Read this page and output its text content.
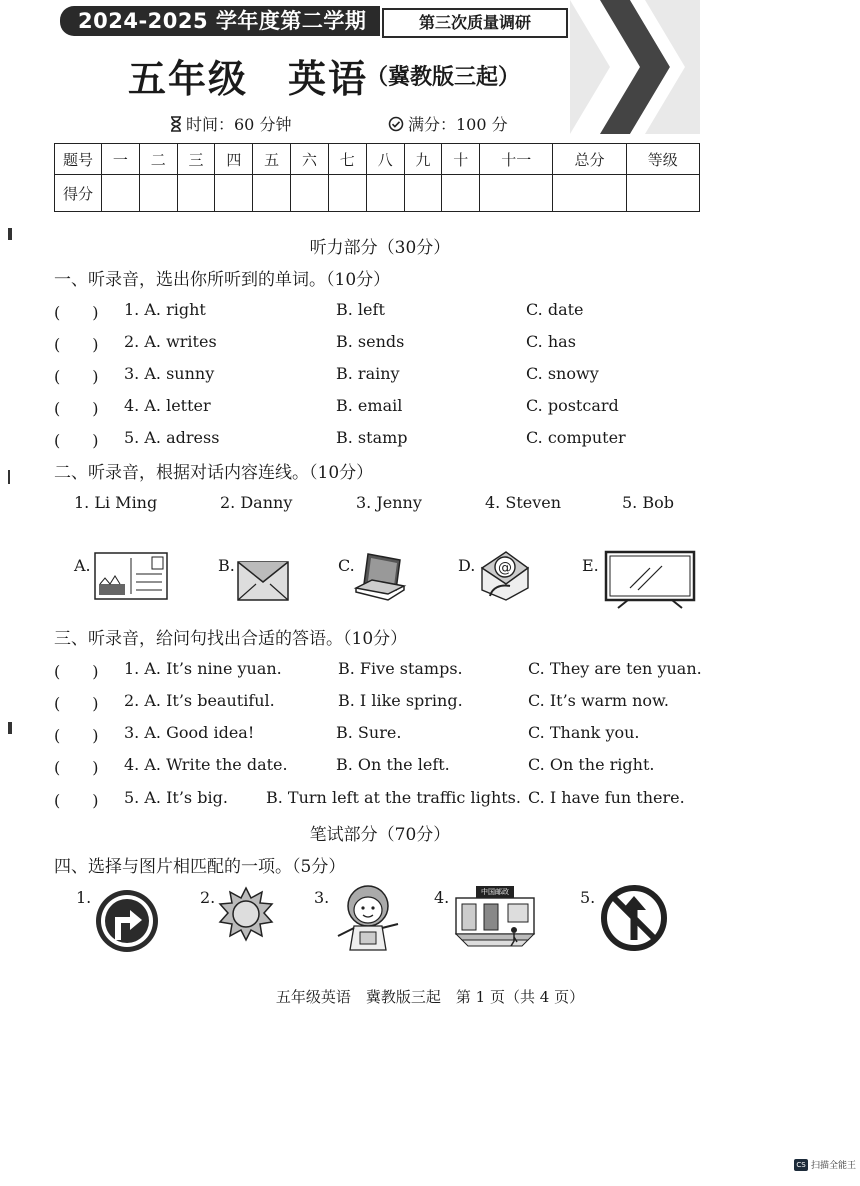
2024-2025 学年度第二学期	第三次质量调研
五年级　英语
（冀教版三起）
时间：60 分钟	满分：100 分
题号	一	二	三	四	五	六	七	八	九	十	十一	总分	等级
得分													
听力部分（30分）
一、听录音，选出你所听到的单词。（10分）
(　　) 1. A. right	B. left	C. date
(　　) 2. A. writes	B. sends	C. has
(　　) 3. A. sunny	B. rainy	C. snowy
(　　) 4. A. letter	B. email	C. postcard
(　　) 5. A. adress	B. stamp	C. computer
二、听录音，根据对话内容连线。（10分）
1. Li Ming	2. Danny	3. Jenny	4. Steven	5. Bob
A.	B.	C.	D. @	E.
三、听录音，给问句找出合适的答语。（10分）
(　　) 1. A. It’s nine yuan.	B. Five stamps.	C. They are ten yuan.
(　　) 2. A. It’s beautiful.	B. I like spring.	C. It’s warm now.
(　　) 3. A. Good idea!	B. Sure.	C. Thank you.
(　　) 4. A. Write the date.	B. On the left.	C. On the right.
(　　) 5. A. It’s big. B. Turn left at the traffic lights. C. I have fun there.
笔试部分（70分）
四、选择与图片相匹配的一项。（5分）
1.	2.	3.	4.	中国邮政	5.
五年级英语　冀教版三起　第 1 页（共 4 页）
CS 扫描全能王
